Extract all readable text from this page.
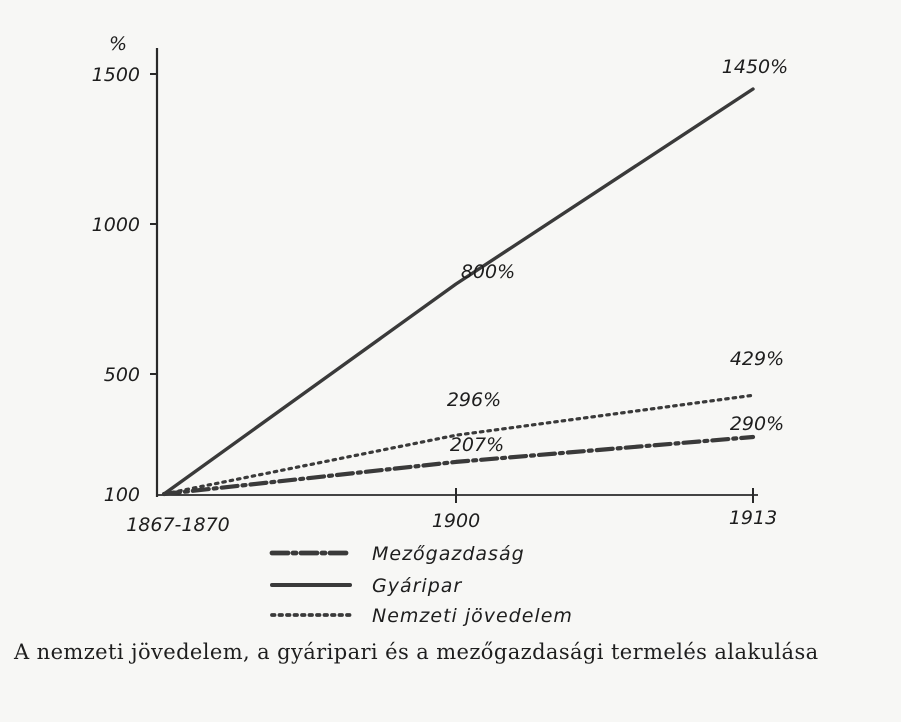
%
100
500
1000
1500
1867-1870	1900	1913
207%
290%
800%
1450%
296%
429%
Mezőgazdaság
Gyáripar
Nemzeti jövedelem
A nemzeti jövedelem, a gyáripari és a mezőgazdasági termelés alakulása
